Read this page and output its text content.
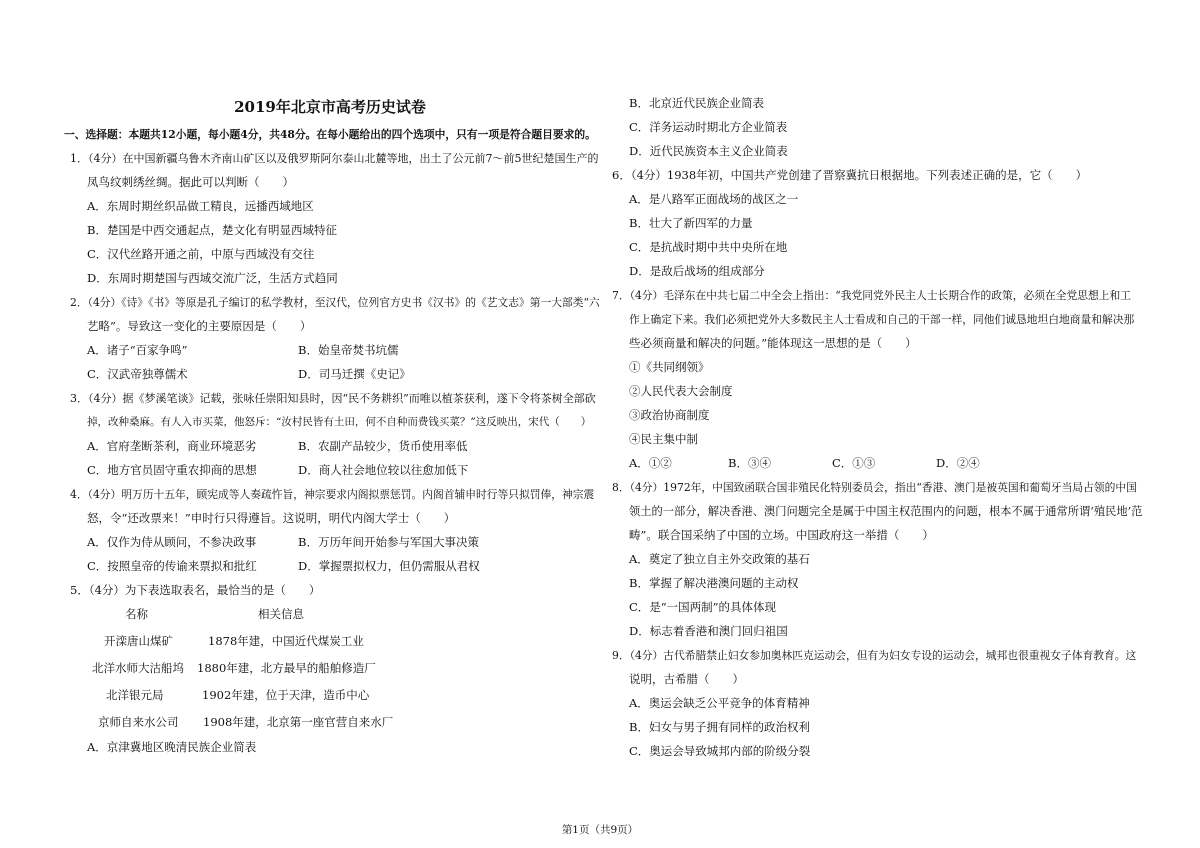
2019年北京市高考历史试卷
一、选择题：本题共12小题，每小题4分，共48分。在每小题给出的四个选项中，只有一项是符合题目要求的。
1．（4分）在中国新疆乌鲁木齐南山矿区以及俄罗斯阿尔泰山北麓等地，出土了公元前7～前5世纪楚国生产的
凤鸟纹刺绣丝绸。据此可以判断（　　）
A．东周时期丝织品做工精良，远播西域地区
B．楚国是中西交通起点，楚文化有明显西域特征
C．汉代丝路开通之前，中原与西域没有交往
D．东周时期楚国与西域交流广泛，生活方式趋同
2．（4分）《诗》《书》等原是孔子编订的私学教材，至汉代，位列官方史书《汉书》的《艺文志》第一大部类“六
艺略”。导致这一变化的主要原因是（　　）
A．诸子“百家争鸣”	B．始皇帝焚书坑儒
C．汉武帝独尊儒术	D．司马迁撰《史记》
3．（4分）据《梦溪笔谈》记载，张咏任崇阳知县时，因“民不务耕织”而唯以植茶获利，遂下令将茶树全部砍
掉，改种桑麻。有人入市买菜，他怒斥：“汝村民皆有土田，何不自种而费钱买菜？”这反映出，宋代（　　）
A．官府垄断茶利，商业环境恶劣	B．农副产品较少，货币使用率低
C．地方官员固守重农抑商的思想	D．商人社会地位较以往愈加低下
4．（4分）明万历十五年，顾宪成等人奏疏忤旨，神宗要求内阁拟票惩罚。内阁首辅申时行等只拟罚俸，神宗震
怒，令“还改票来！”申时行只得遵旨。这说明，明代内阁大学士（　　）
A．仅作为侍从顾问，不参决政事	B．万历年间开始参与军国大事决策
C．按照皇帝的传谕来票拟和批红	D．掌握票拟权力，但仍需服从君权
5．（4分）为下表选取表名，最恰当的是（　　）
名称	相关信息
开滦唐山煤矿	1878年建，中国近代煤炭工业
北洋水师大沽船坞 1880年建，北方最早的船舶修造厂
北洋银元局	1902年建，位于天津，造币中心
京师自来水公司 1908年建，北京第一座官营自来水厂
A．京津冀地区晚清民族企业简表
B．北京近代民族企业简表
C．洋务运动时期北方企业简表
D．近代民族资本主义企业简表
6．（4分）1938年初，中国共产党创建了晋察冀抗日根据地。下列表述正确的是，它（　　）
A．是八路军正面战场的战区之一
B．壮大了新四军的力量
C．是抗战时期中共中央所在地
D．是敌后战场的组成部分
7．（4分）毛泽东在中共七届二中全会上指出：“我党同党外民主人士长期合作的政策，必须在全党思想上和工
作上确定下来。我们必须把党外大多数民主人士看成和自己的干部一样，同他们诚恳地坦白地商量和解决那
些必须商量和解决的问题。”能体现这一思想的是（　　）
①《共同纲领》
②人民代表大会制度
③政治协商制度
④民主集中制
A．①②	B．③④	C．①③	D．②④
8．（4分）1972年，中国致函联合国非殖民化特别委员会，指出“香港、澳门是被英国和葡萄牙当局占领的中国
领土的一部分，解决香港、澳门问题完全是属于中国主权范围内的问题，根本不属于通常所谓‘殖民地’范
畴”。联合国采纳了中国的立场。中国政府这一举措（　　）
A．奠定了独立自主外交政策的基石
B．掌握了解决港澳问题的主动权
C．是“一国两制”的具体体现
D．标志着香港和澳门回归祖国
9．（4分）古代希腊禁止妇女参加奥林匹克运动会，但有为妇女专设的运动会，城邦也很重视女子体育教育。这
说明，古希腊（　　）
A．奥运会缺乏公平竞争的体育精神
B．妇女与男子拥有同样的政治权利
C．奥运会导致城邦内部的阶级分裂
第1页（共9页）
